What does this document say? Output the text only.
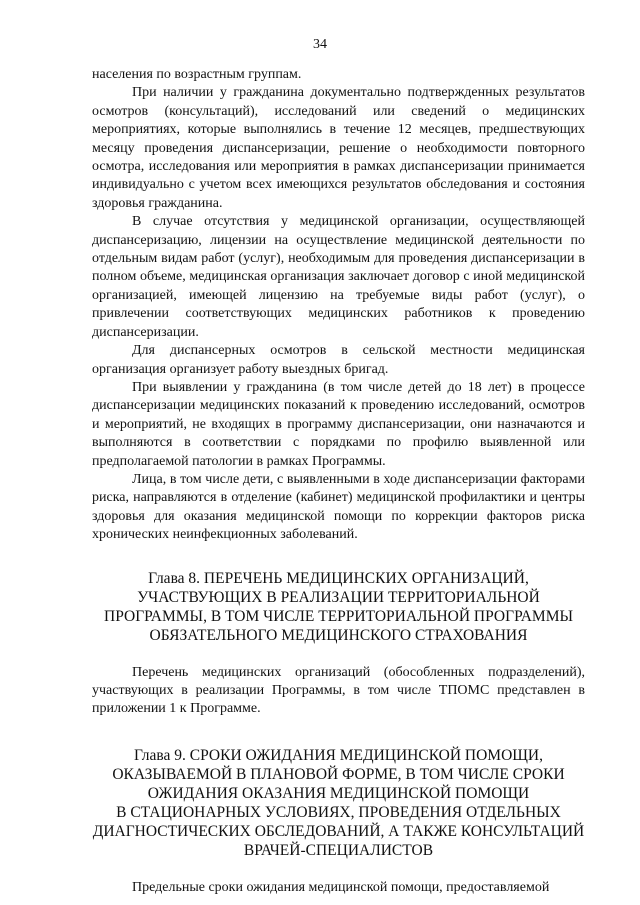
34

населения по возрастным группам.

При наличии у гражданина документально подтвержденных результатов осмотров (консультаций), исследований или сведений о медицинских мероприятиях, которые выполнялись в течение 12 месяцев, предшествующих месяцу проведения диспансеризации, решение о необходимости повторного осмотра, исследования или мероприятия в рамках диспансеризации принимается индивидуально с учетом всех имеющихся результатов обследования и состояния здоровья гражданина.

В случае отсутствия у медицинской организации, осуществляющей диспансеризацию, лицензии на осуществление медицинской деятельности по отдельным видам работ (услуг), необходимым для проведения диспансеризации в полном объеме, медицинская организация заключает договор с иной медицинской организацией, имеющей лицензию на требуемые виды работ (услуг), о привлечении соответствующих медицинских работников к проведению диспансеризации.

Для диспансерных осмотров в сельской местности медицинская организация организует работу выездных бригад.

При выявлении у гражданина (в том числе детей до 18 лет) в процессе диспансеризации медицинских показаний к проведению исследований, осмотров и мероприятий, не входящих в программу диспансеризации, они назначаются и выполняются в соответствии с порядками по профилю выявленной или предполагаемой патологии в рамках Программы.

Лица, в том числе дети, с выявленными в ходе диспансеризации факторами риска, направляются в отделение (кабинет) медицинской профилактики и центры здоровья для оказания медицинской помощи по коррекции факторов риска хронических неинфекционных заболеваний.

Глава 8. ПЕРЕЧЕНЬ МЕДИЦИНСКИХ ОРГАНИЗАЦИЙ,
УЧАСТВУЮЩИХ В РЕАЛИЗАЦИИ ТЕРРИТОРИАЛЬНОЙ
ПРОГРАММЫ, В ТОМ ЧИСЛЕ ТЕРРИТОРИАЛЬНОЙ ПРОГРАММЫ
ОБЯЗАТЕЛЬНОГО МЕДИЦИНСКОГО СТРАХОВАНИЯ

Перечень медицинских организаций (обособленных подразделений), участвующих в реализации Программы, в том числе ТПОМС представлен в приложении 1 к Программе.

Глава 9. СРОКИ ОЖИДАНИЯ МЕДИЦИНСКОЙ ПОМОЩИ,
ОКАЗЫВАЕМОЙ В ПЛАНОВОЙ ФОРМЕ, В ТОМ ЧИСЛЕ СРОКИ
ОЖИДАНИЯ ОКАЗАНИЯ МЕДИЦИНСКОЙ ПОМОЩИ
В СТАЦИОНАРНЫХ УСЛОВИЯХ, ПРОВЕДЕНИЯ ОТДЕЛЬНЫХ
ДИАГНОСТИЧЕСКИХ ОБСЛЕДОВАНИЙ, А ТАКЖЕ КОНСУЛЬТАЦИЙ
ВРАЧЕЙ-СПЕЦИАЛИСТОВ

Предельные сроки ожидания медицинской помощи, предоставляемой
